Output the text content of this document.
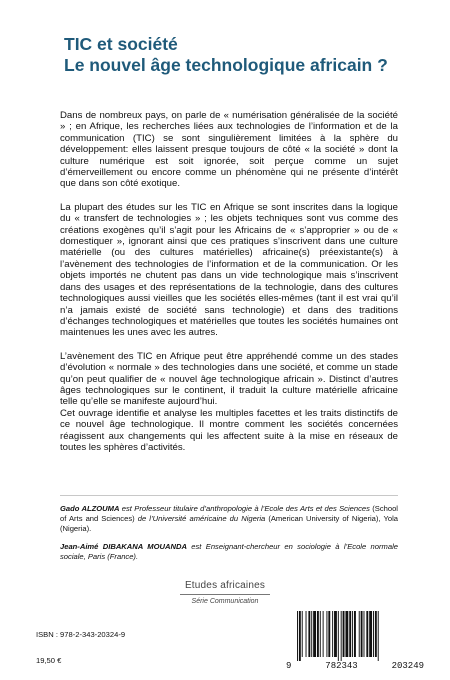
TIC et société
Le nouvel âge technologique africain ?

Dans de nombreux pays, on parle de « numérisation généralisée de la société » ; en Afrique, les recherches liées aux technologies de l’information et de la communication (TIC) se sont singulièrement limitées à la sphère du développement: elles laissent presque toujours de côté « la société » dont la culture numérique est soit ignorée, soit perçue comme un sujet d’émerveillement ou encore comme un phénomène qui ne présente d’intérêt que dans son côté exotique.

La plupart des études sur les TIC en Afrique se sont inscrites dans la logique du « transfert de technologies » ; les objets techniques sont vus comme des créations exogènes qu’il s’agit pour les Africains de « s’approprier » ou de « domestiquer », ignorant ainsi que ces pratiques s’inscrivent dans une culture matérielle (ou des cultures matérielles) africaine(s) préexistante(s) à l’avènement des technologies de l’information et de la communication. Or les objets importés ne chutent pas dans un vide technologique mais s’inscrivent dans des usages et des représentations de la technologie, dans des cultures technologiques aussi vieilles que les sociétés elles-mêmes (tant il est vrai qu’il n’a jamais existé de société sans technologie) et dans des traditions d’échanges technologiques et matérielles que toutes les sociétés humaines ont maintenues les unes avec les autres.

L’avènement des TIC en Afrique peut être appréhendé comme un des stades d’évolution « normale » des technologies dans une société, et comme un stade qu’on peut qualifier de « nouvel âge technologique africain ». Distinct d’autres âges technologiques sur le continent, il traduit la culture matérielle africaine telle qu’elle se manifeste aujourd’hui.

Cet ouvrage identifie et analyse les multiples facettes et les traits distinctifs de ce nouvel âge technologique. Il montre comment les sociétés concernées réagissent aux changements qui les affectent suite à la mise en réseaux de toutes les sphères d’activités.

Gado ALZOUMA est Professeur titulaire d’anthropologie à l’Ecole des Arts et des Sciences (School of Arts and Sciences) de l’Université américaine du Nigeria (American University of Nigeria), Yola (Nigeria).

Jean-Aimé DIBAKANA MOUANDA est Enseignant-chercheur en sociologie à l’Ecole normale sociale, Paris (France).

Etudes africaines
Série Communication
ISBN : 978-2-343-20324-9
19,50 €
9	782343	203249
